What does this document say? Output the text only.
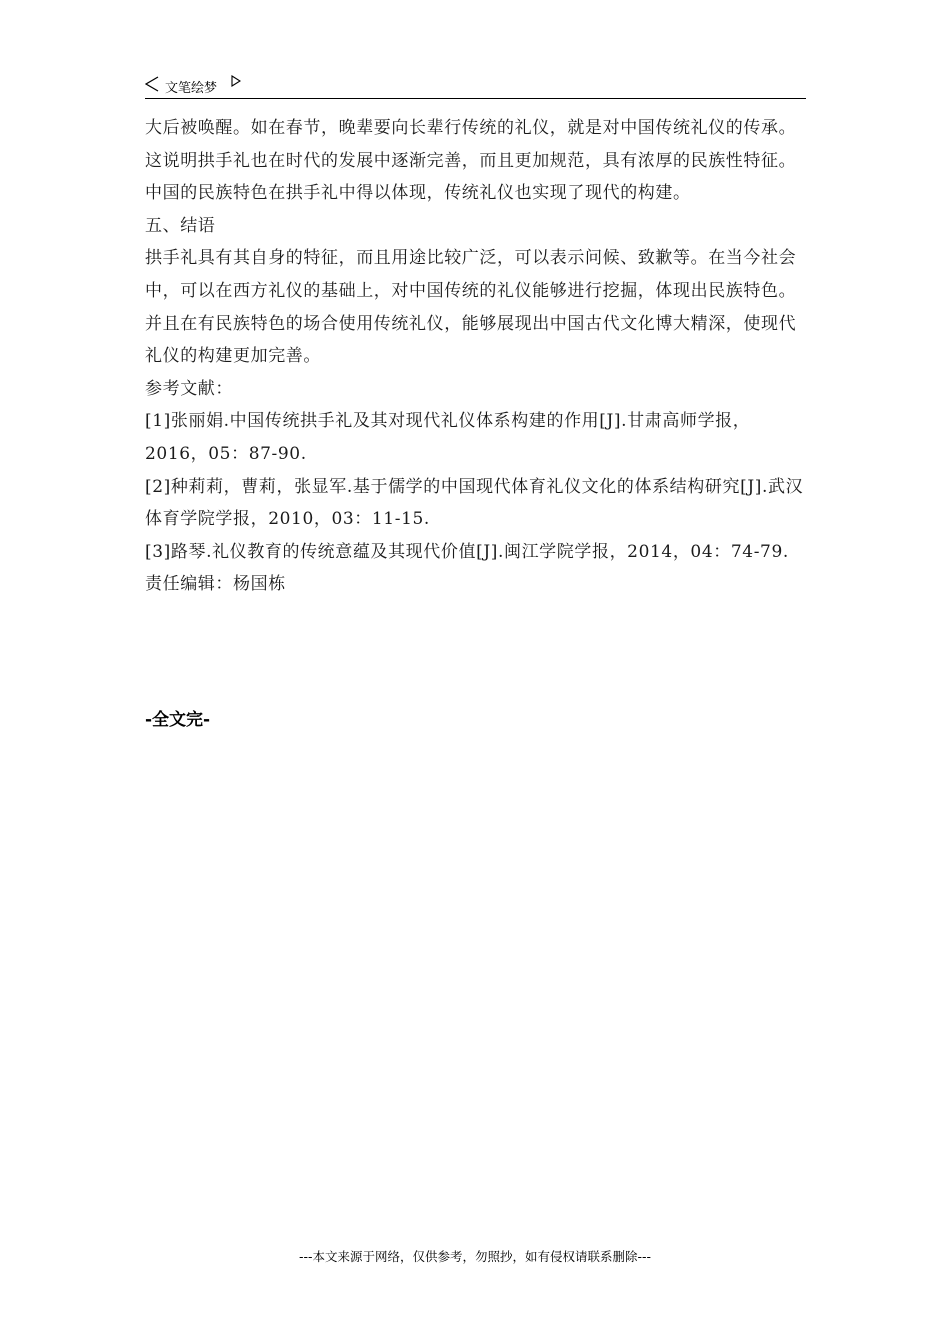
文笔绘梦

大后被唤醒。如在春节，晚辈要向长辈行传统的礼仪，就是对中国传统礼仪的传承。这说明拱手礼也在时代的发展中逐渐完善，而且更加规范，具有浓厚的民族性特征。中国的民族特色在拱手礼中得以体现，传统礼仪也实现了现代的构建。

五、结语

拱手礼具有其自身的特征，而且用途比较广泛，可以表示问候、致歉等。在当今社会中，可以在西方礼仪的基础上，对中国传统的礼仪能够进行挖掘，体现出民族特色。并且在有民族特色的场合使用传统礼仪，能够展现出中国古代文化博大精深，使现代礼仪的构建更加完善。

参考文献：

[1]张丽娟.中国传统拱手礼及其对现代礼仪体系构建的作用[J].甘肃高师学报，2016，05：87-90.

[2]种莉莉，曹莉，张显军.基于儒学的中国现代体育礼仪文化的体系结构研究[J].武汉体育学院学报，2010，03：11-15.

[3]路琴.礼仪教育的传统意蕴及其现代价值[J].闽江学院学报，2014，04：74-79.

责任编辑：杨国栋

-全文完-
---本文来源于网络，仅供参考，勿照抄，如有侵权请联系删除---
